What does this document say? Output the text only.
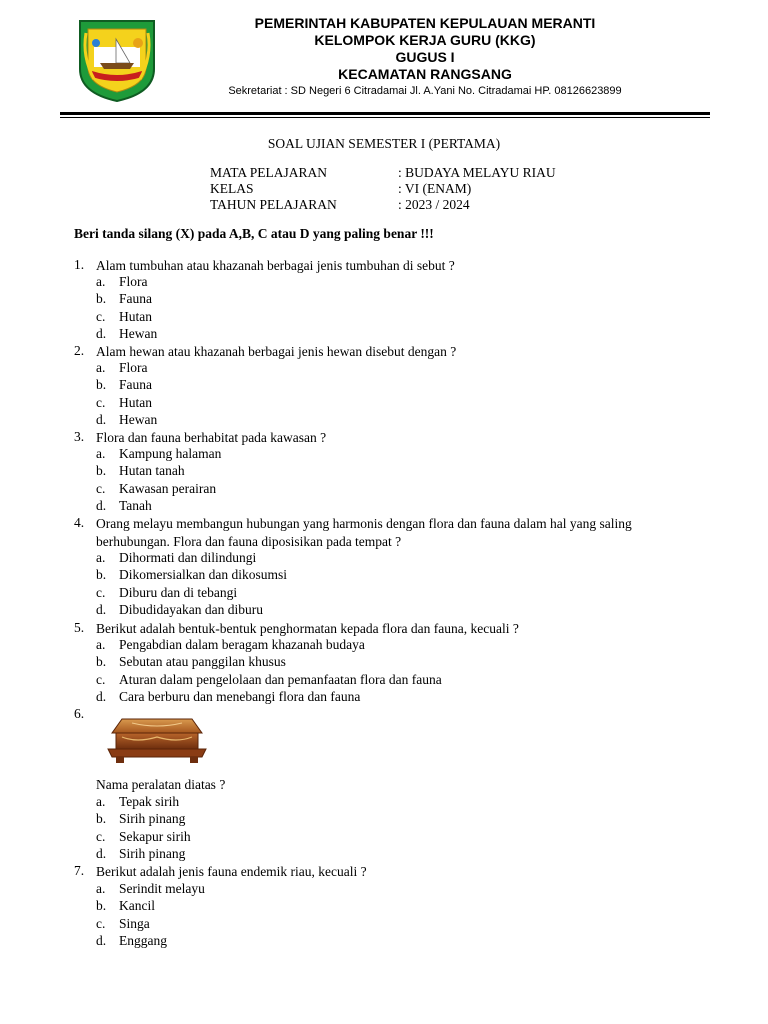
PEMERINTAH KABUPATEN KEPULAUAN MERANTI
KELOMPOK KERJA GURU (KKG)
GUGUS I
KECAMATAN RANGSANG
Sekretariat : SD Negeri 6 Citradamai Jl. A.Yani No. Citradamai HP. 08126623899
SOAL UJIAN SEMESTER I (PERTAMA)
MATA PELAJARAN	: BUDAYA MELAYU RIAU
KELAS	: VI (ENAM)
TAHUN PELAJARAN	: 2023 / 2024
Beri tanda silang (X) pada A,B, C atau D yang paling benar !!!
1. Alam tumbuhan atau khazanah berbagai jenis tumbuhan di sebut ?
a. Flora
b. Fauna
c. Hutan
d. Hewan
2. Alam hewan atau khazanah berbagai jenis hewan disebut dengan ?
a. Flora
b. Fauna
c. Hutan
d. Hewan
3. Flora dan fauna berhabitat pada kawasan ?
a. Kampung halaman
b. Hutan tanah
c. Kawasan perairan
d. Tanah
4. Orang melayu membangun hubungan yang harmonis dengan flora dan fauna dalam hal yang saling berhubungan. Flora dan fauna diposisikan pada tempat ?
a. Dihormati dan dilindungi
b. Dikomersialkan dan dikosumsi
c. Diburu dan di tebangi
d. Dibudidayakan dan diburu
5. Berikut adalah bentuk-bentuk penghormatan kepada flora dan fauna, kecuali ?
a. Pengabdian dalam beragam khazanah budaya
b. Sebutan atau panggilan khusus
c. Aturan dalam pengelolaan dan pemanfaatan flora dan fauna
d. Cara berburu dan menebangi flora dan fauna
6.
Nama peralatan diatas ?
a. Tepak sirih
b. Sirih pinang
c. Sekapur sirih
d. Sirih pinang
7. Berikut adalah jenis fauna endemik riau, kecuali ?
a. Serindit melayu
b. Kancil
c. Singa
d. Enggang
